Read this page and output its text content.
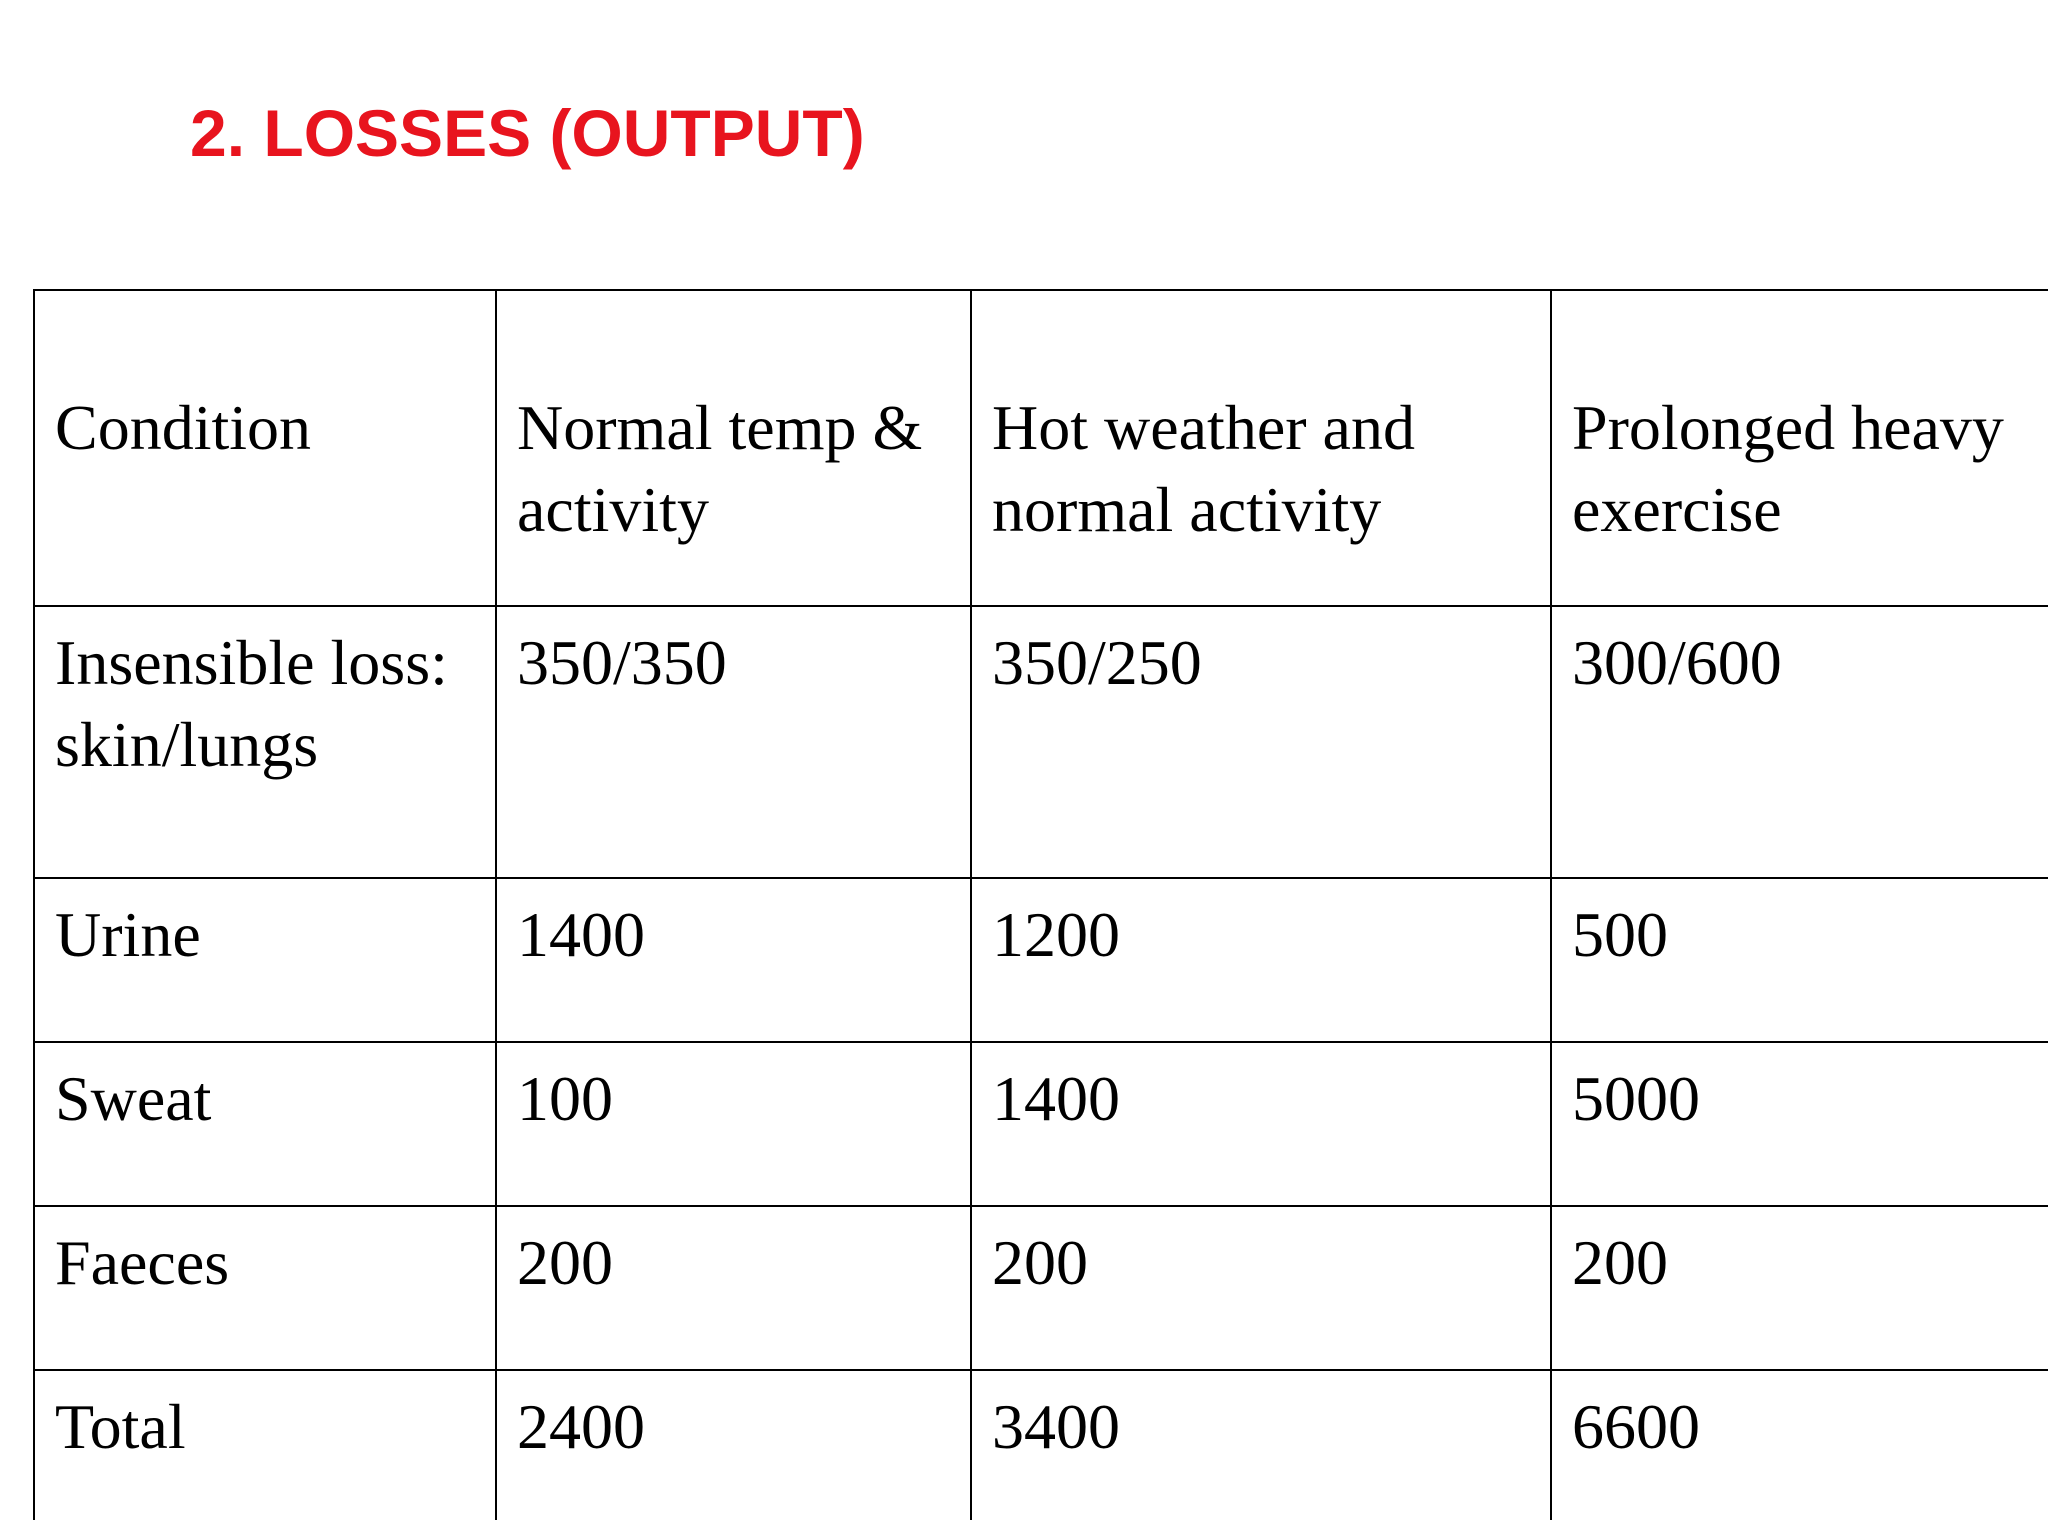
2. LOSSES (OUTPUT)
Condition	Normal temp & activity	Hot weather and normal activity	Prolonged heavy exercise
Insensible loss: skin/lungs	350/350	350/250	300/600
Urine	1400	1200	500
Sweat	100	1400	5000
Faeces	200	200	200
Total	2400	3400	6600
